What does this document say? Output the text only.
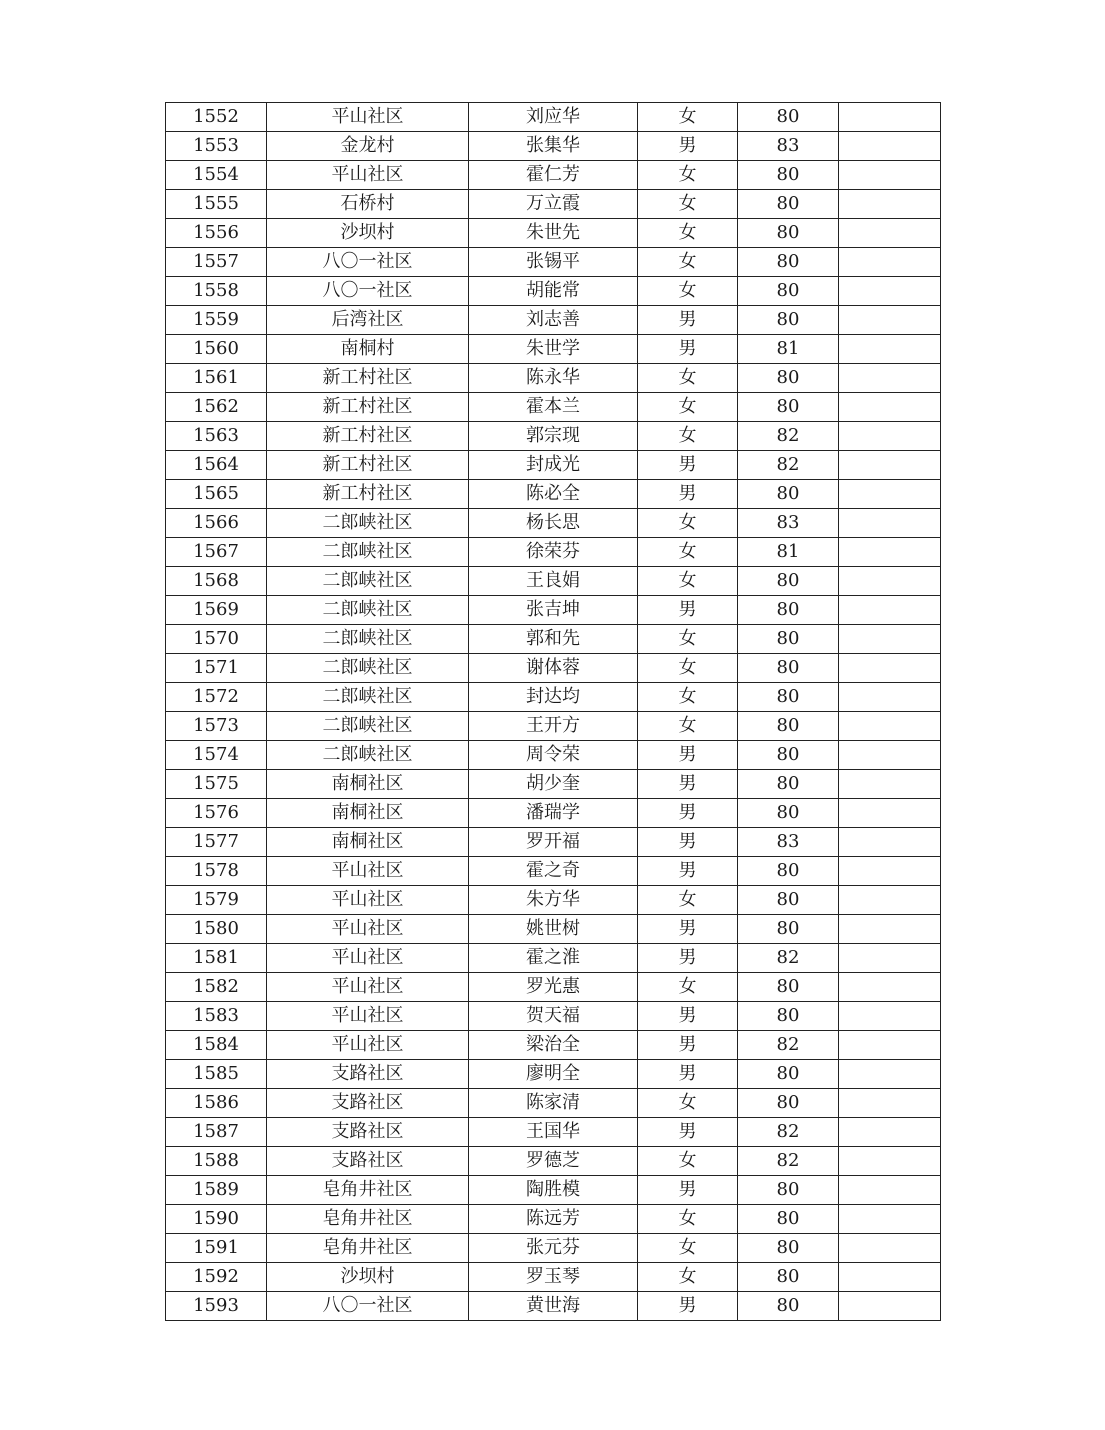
1552	平山社区	刘应华	女	80	
1553	金龙村	张集华	男	83	
1554	平山社区	霍仁芳	女	80	
1555	石桥村	万立霞	女	80	
1556	沙坝村	朱世先	女	80	
1557	八〇一社区	张锡平	女	80	
1558	八〇一社区	胡能常	女	80	
1559	后湾社区	刘志善	男	80	
1560	南桐村	朱世学	男	81	
1561	新工村社区	陈永华	女	80	
1562	新工村社区	霍本兰	女	80	
1563	新工村社区	郭宗现	女	82	
1564	新工村社区	封成光	男	82	
1565	新工村社区	陈必全	男	80	
1566	二郎峡社区	杨长思	女	83	
1567	二郎峡社区	徐荣芬	女	81	
1568	二郎峡社区	王良娟	女	80	
1569	二郎峡社区	张吉坤	男	80	
1570	二郎峡社区	郭和先	女	80	
1571	二郎峡社区	谢体蓉	女	80	
1572	二郎峡社区	封达均	女	80	
1573	二郎峡社区	王开方	女	80	
1574	二郎峡社区	周令荣	男	80	
1575	南桐社区	胡少奎	男	80	
1576	南桐社区	潘瑞学	男	80	
1577	南桐社区	罗开福	男	83	
1578	平山社区	霍之奇	男	80	
1579	平山社区	朱方华	女	80	
1580	平山社区	姚世树	男	80	
1581	平山社区	霍之淮	男	82	
1582	平山社区	罗光惠	女	80	
1583	平山社区	贺天福	男	80	
1584	平山社区	梁治全	男	82	
1585	支路社区	廖明全	男	80	
1586	支路社区	陈家清	女	80	
1587	支路社区	王国华	男	82	
1588	支路社区	罗德芝	女	82	
1589	皂角井社区	陶胜模	男	80	
1590	皂角井社区	陈远芳	女	80	
1591	皂角井社区	张元芬	女	80	
1592	沙坝村	罗玉琴	女	80	
1593	八〇一社区	黄世海	男	80	
